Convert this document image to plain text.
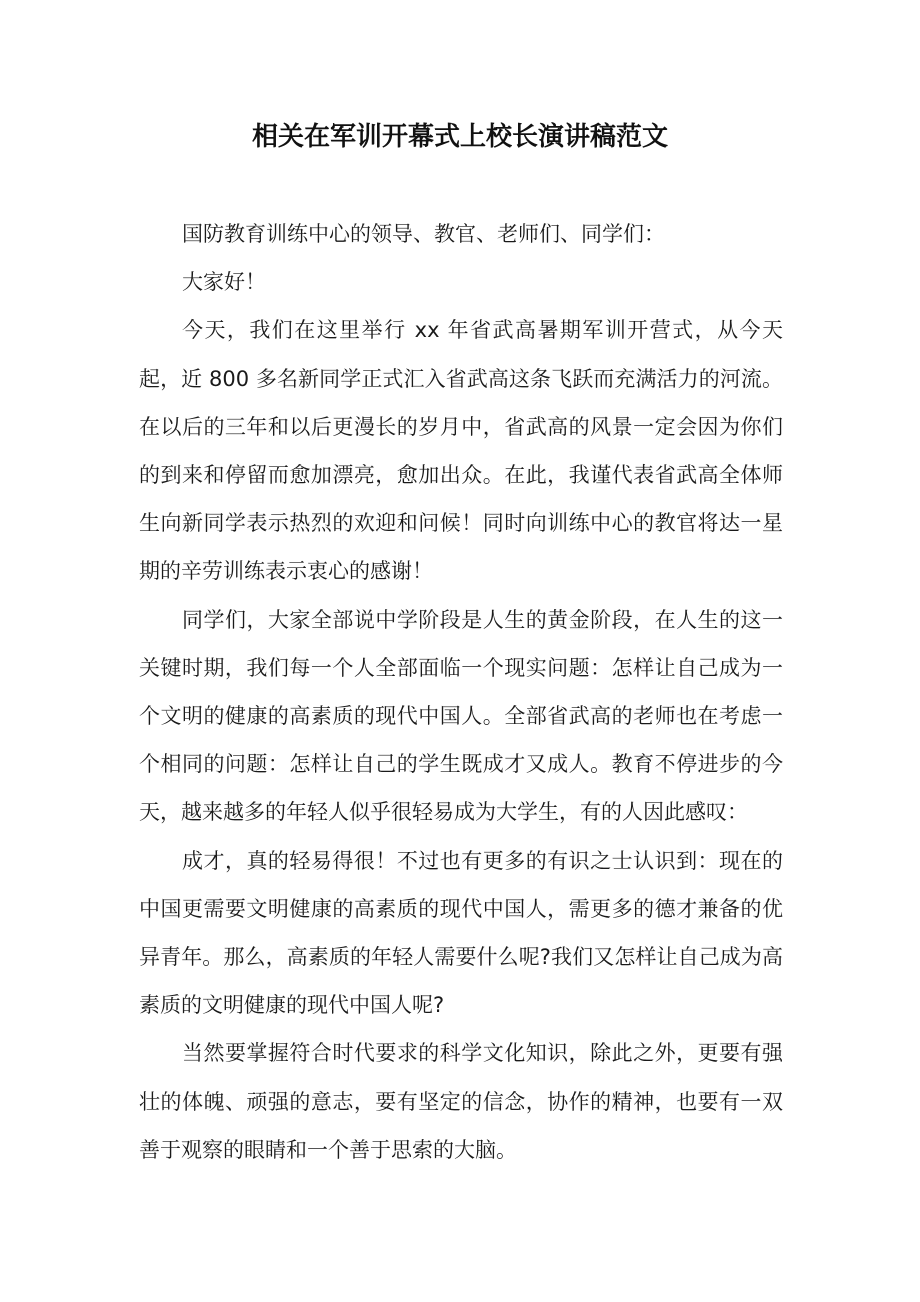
相关在军训开幕式上校长演讲稿范文

国防教育训练中心的领导、教官、老师们、同学们：

大家好！

今天，我们在这里举行 xx 年省武高暑期军训开营式，从今天起，近 800 多名新同学正式汇入省武高这条飞跃而充满活力的河流。在以后的三年和以后更漫长的岁月中，省武高的风景一定会因为你们的到来和停留而愈加漂亮，愈加出众。在此，我谨代表省武高全体师生向新同学表示热烈的欢迎和问候！同时向训练中心的教官将达一星期的辛劳训练表示衷心的感谢！

同学们，大家全部说中学阶段是人生的黄金阶段，在人生的这一关键时期，我们每一个人全部面临一个现实问题：怎样让自己成为一个文明的健康的高素质的现代中国人。全部省武高的老师也在考虑一个相同的问题：怎样让自己的学生既成才又成人。教育不停进步的今天，越来越多的年轻人似乎很轻易成为大学生，有的人因此感叹：

成才，真的轻易得很！不过也有更多的有识之士认识到：现在的中国更需要文明健康的高素质的现代中国人，需更多的德才兼备的优异青年。那么，高素质的年轻人需要什么呢?我们又怎样让自己成为高素质的文明健康的现代中国人呢?

当然要掌握符合时代要求的科学文化知识，除此之外，更要有强壮的体魄、顽强的意志，要有坚定的信念，协作的精神，也要有一双善于观察的眼睛和一个善于思索的大脑。
